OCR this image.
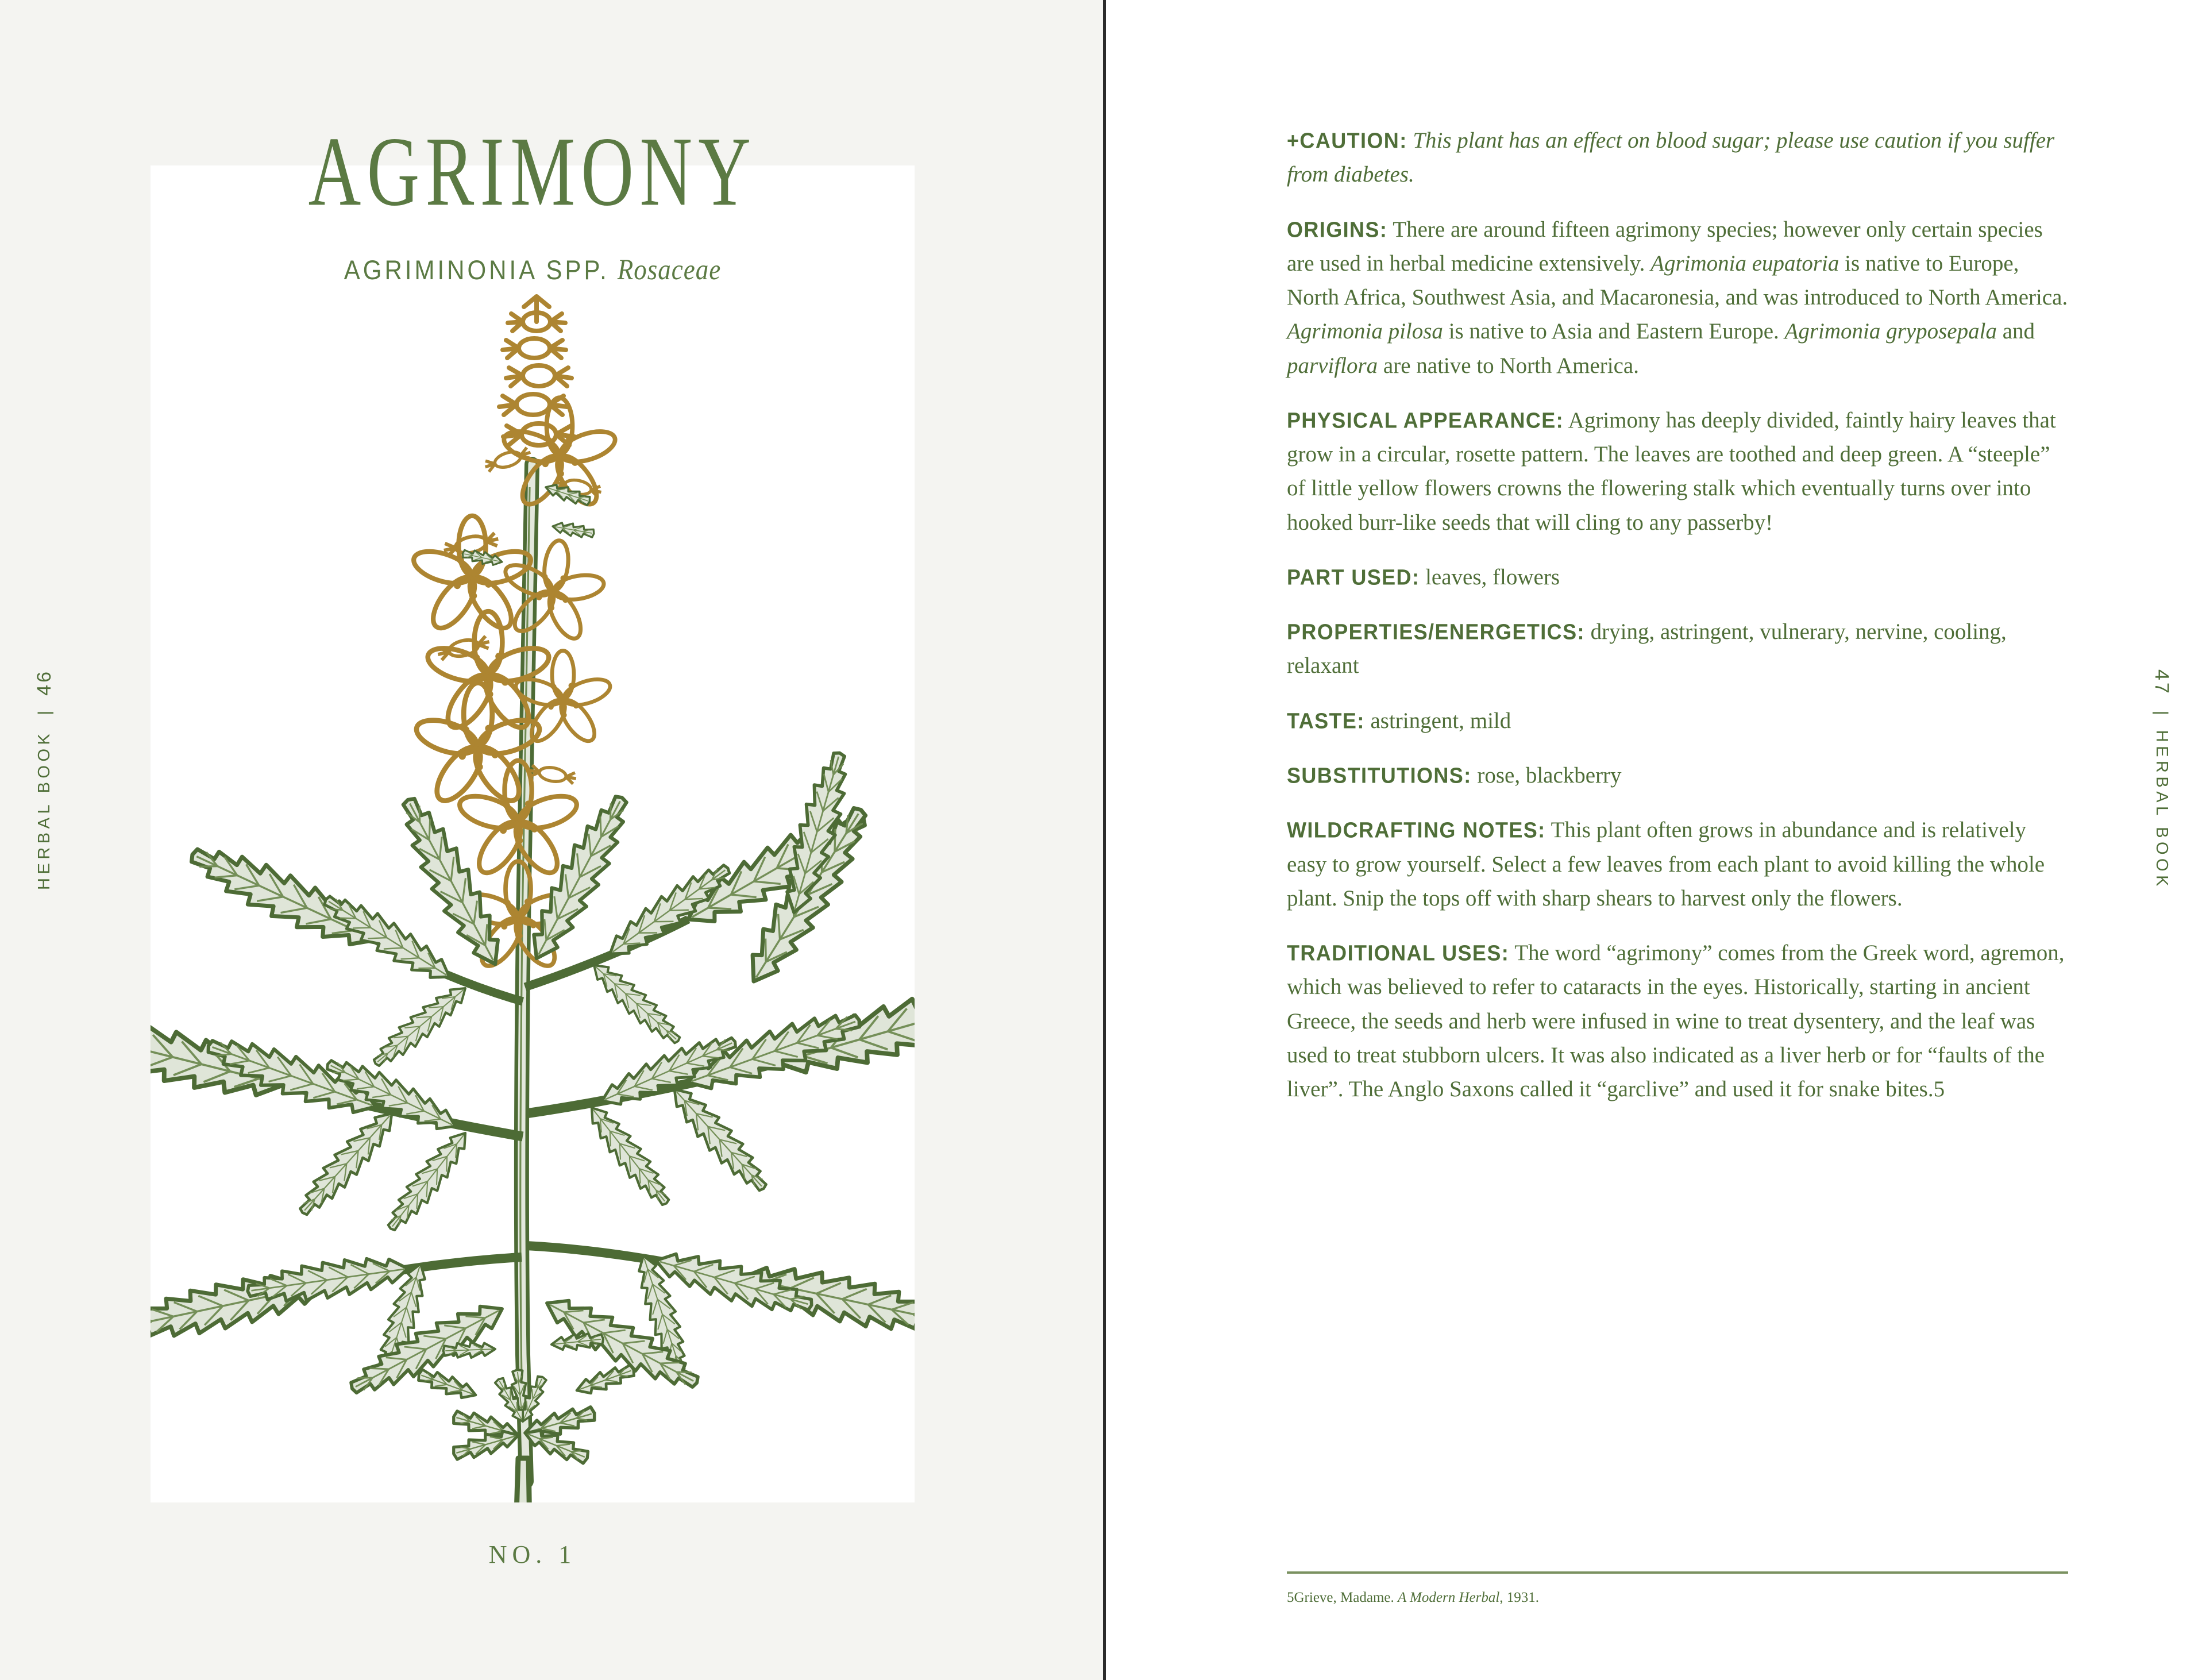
46
|
HERBAL BOOK
AGRIMONY
AGRIMINONIA SPP. Rosaceae
NO. 1
47
|
HERBAL BOOK

+CAUTION: This plant has an effect on blood sugar; please use caution if you suffer from diabetes.

ORIGINS: There are around fifteen agrimony species; however only certain species are used in herbal medicine extensively. Agrimonia eupatoria is native to Europe, North Africa, Southwest Asia, and Macaronesia, and was introduced to North America. Agrimonia pilosa is native to Asia and Eastern Europe. Agrimonia gryposepala and parviflora are native to North America.

PHYSICAL APPEARANCE: Agrimony has deeply divided, faintly hairy leaves that grow in a circular, rosette pattern. The leaves are toothed and deep green. A “steeple” of little yellow flowers crowns the flowering stalk which eventually turns over into hooked burr-like seeds that will cling to any passerby!

PART USED: leaves, flowers

PROPERTIES/ENERGETICS: drying, astringent, vulnerary, nervine, cooling, relaxant

TASTE: astringent, mild

SUBSTITUTIONS: rose, blackberry

WILDCRAFTING NOTES: This plant often grows in abundance and is relatively easy to grow yourself. Select a few leaves from each plant to avoid killing the whole plant. Snip the tops off with sharp shears to harvest only the flowers.

TRADITIONAL USES: The word “agrimony” comes from the Greek word, agremon, which was believed to refer to cataracts in the eyes. Historically, starting in ancient Greece, the seeds and herb were infused in wine to treat dysentery, and the leaf was used to treat stubborn ulcers. It was also indicated as a liver herb or for “faults of the liver”. The Anglo Saxons called it “garclive” and used it for snake bites.5

5Grieve, Madame. A Modern Herbal, 1931.
